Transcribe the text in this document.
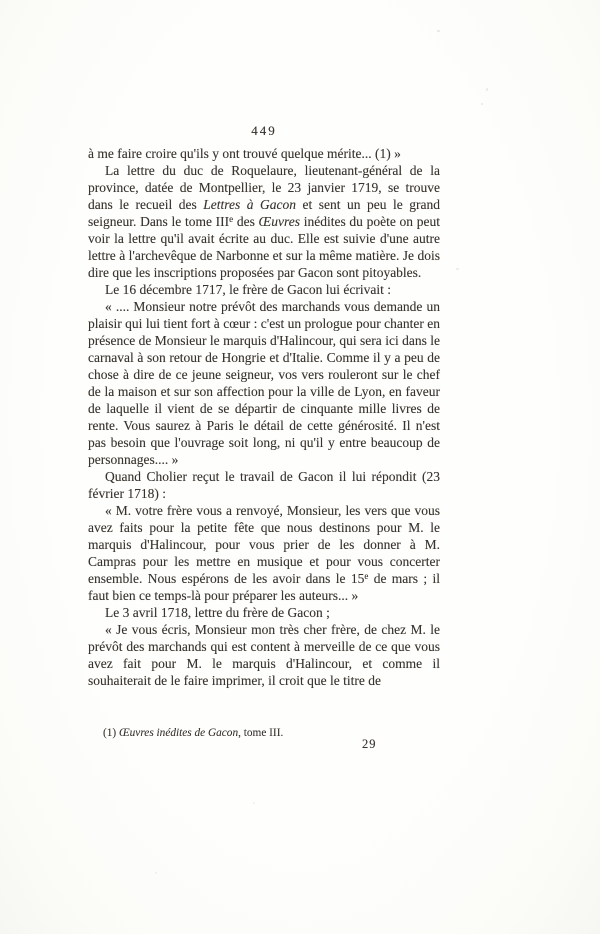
449

à me faire croire qu'ils y ont trouvé quelque mérite... (1) »

La lettre du duc de Roquelaure, lieutenant-général de la province, datée de Montpellier, le 23 janvier 1719, se trouve dans le recueil des Lettres à Gacon et sent un peu le grand seigneur. Dans le tome IIIe des Œuvres inédites du poète on peut voir la lettre qu'il avait écrite au duc. Elle est suivie d'une autre lettre à l'archevêque de Narbonne et sur la même matière. Je dois dire que les inscriptions proposées par Gacon sont pitoyables.

Le 16 décembre 1717, le frère de Gacon lui écrivait :

« .... Monsieur notre prévôt des marchands vous demande un plaisir qui lui tient fort à cœur : c'est un prologue pour chanter en présence de Monsieur le marquis d'Halincour, qui sera ici dans le carnaval à son retour de Hongrie et d'Italie. Comme il y a peu de chose à dire de ce jeune seigneur, vos vers rouleront sur le chef de la maison et sur son affection pour la ville de Lyon, en faveur de laquelle il vient de se départir de cinquante mille livres de rente. Vous saurez à Paris le détail de cette générosité. Il n'est pas besoin que l'ouvrage soit long, ni qu'il y entre beaucoup de personnages.... »

Quand Cholier reçut le travail de Gacon il lui répondit (23 février 1718) :

« M. votre frère vous a renvoyé, Monsieur, les vers que vous avez faits pour la petite fête que nous destinons pour M. le marquis d'Halincour, pour vous prier de les donner à M. Campras pour les mettre en musique et pour vous concerter ensemble. Nous espérons de les avoir dans le 15e de mars ; il faut bien ce temps-là pour préparer les auteurs... »

Le 3 avril 1718, lettre du frère de Gacon ;

« Je vous écris, Monsieur mon très cher frère, de chez M. le prévôt des marchands qui est content à merveille de ce que vous avez fait pour M. le marquis d'Halincour, et comme il souhaiterait de le faire imprimer, il croit que le titre de

(1) Œuvres inédites de Gacon, tome III.
29
